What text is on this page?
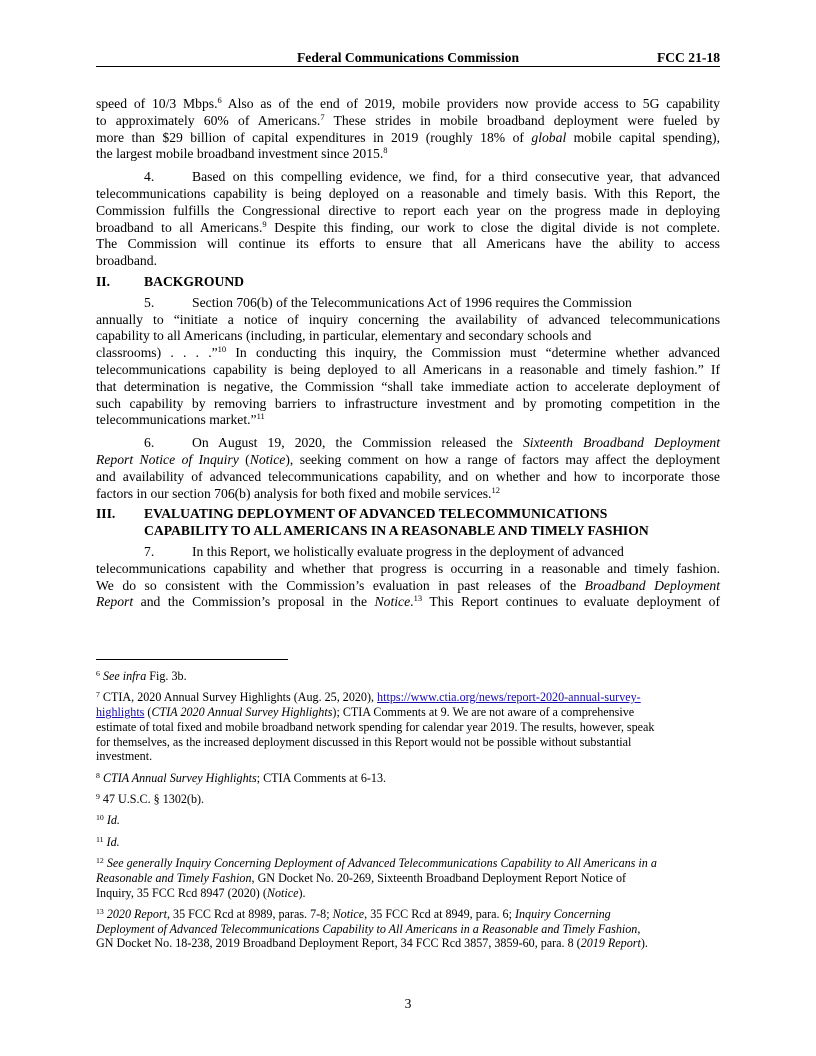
Federal Communications Commission	FCC 21-18
speed of 10/3 Mbps.$^6$ Also as of the end of 2019, mobile providers now provide access to 5G capability
to approximately 60% of Americans.$^7$ These strides in mobile broadband deployment were fueled by
more than $29 billion of capital expenditures in 2019 (roughly 18% of global mobile capital spending),
the largest mobile broadband investment since 2015.$^8$
4.	Based on this compelling evidence, we find, for a third consecutive year, that advanced
telecommunications capability is being deployed on a reasonable and timely basis. With this Report, the
Commission fulfills the Congressional directive to report each year on the progress made in deploying
broadband to all Americans.$^9$ Despite this finding, our work to close the digital divide is not complete.
The Commission will continue its efforts to ensure that all Americans have the ability to access
broadband.
II. BACKGROUND
5.	Section 706(b) of the Telecommunications Act of 1996 requires the Commission
annually to “initiate a notice of inquiry concerning the availability of advanced telecommunications
capability to all Americans (including, in particular, elementary and secondary schools and
classrooms) . . . .”$^{10}$ In conducting this inquiry, the Commission must “determine whether advanced
telecommunications capability is being deployed to all Americans in a reasonable and timely fashion.” If
that determination is negative, the Commission “shall take immediate action to accelerate deployment of
such capability by removing barriers to infrastructure investment and by promoting competition in the
telecommunications market.”$^{11}$
6.	On August 19, 2020, the Commission released the Sixteenth Broadband Deployment
Report Notice of Inquiry (Notice), seeking comment on how a range of factors may affect the deployment
and availability of advanced telecommunications capability, and on whether and how to incorporate those
factors in our section 706(b) analysis for both fixed and mobile services.$^{12}$
III. EVALUATING DEPLOYMENT OF ADVANCED TELECOMMUNICATIONS
CAPABILITY TO ALL AMERICANS IN A REASONABLE AND TIMELY FASHION
7.	In this Report, we holistically evaluate progress in the deployment of advanced
telecommunications capability and whether that progress is occurring in a reasonable and timely fashion.
We do so consistent with the Commission’s evaluation in past releases of the Broadband Deployment
Report and the Commission’s proposal in the Notice.$^{13}$ This Report continues to evaluate deployment of
$^6$ See infra Fig. 3b.
$^7$ CTIA, 2020 Annual Survey Highlights (Aug. 25, 2020), https://www.ctia.org/news/report-2020-annual-survey-
highlights (CTIA 2020 Annual Survey Highlights); CTIA Comments at 9. We are not aware of a comprehensive
estimate of total fixed and mobile broadband network spending for calendar year 2019. The results, however, speak
for themselves, as the increased deployment discussed in this Report would not be possible without substantial
investment.
$^8$ CTIA Annual Survey Highlights; CTIA Comments at 6-13.
$^9$ 47 U.S.C. § 1302(b).
$^{10}$ Id.
$^{11}$ Id.
$^{12}$ See generally Inquiry Concerning Deployment of Advanced Telecommunications Capability to All Americans in a
Reasonable and Timely Fashion, GN Docket No. 20-269, Sixteenth Broadband Deployment Report Notice of
Inquiry, 35 FCC Rcd 8947 (2020) (Notice).
$^{13}$ 2020 Report, 35 FCC Rcd at 8989, paras. 7-8; Notice, 35 FCC Rcd at 8949, para. 6; Inquiry Concerning
Deployment of Advanced Telecommunications Capability to All Americans in a Reasonable and Timely Fashion,
GN Docket No. 18-238, 2019 Broadband Deployment Report, 34 FCC Rcd 3857, 3859-60, para. 8 (2019 Report).
3
